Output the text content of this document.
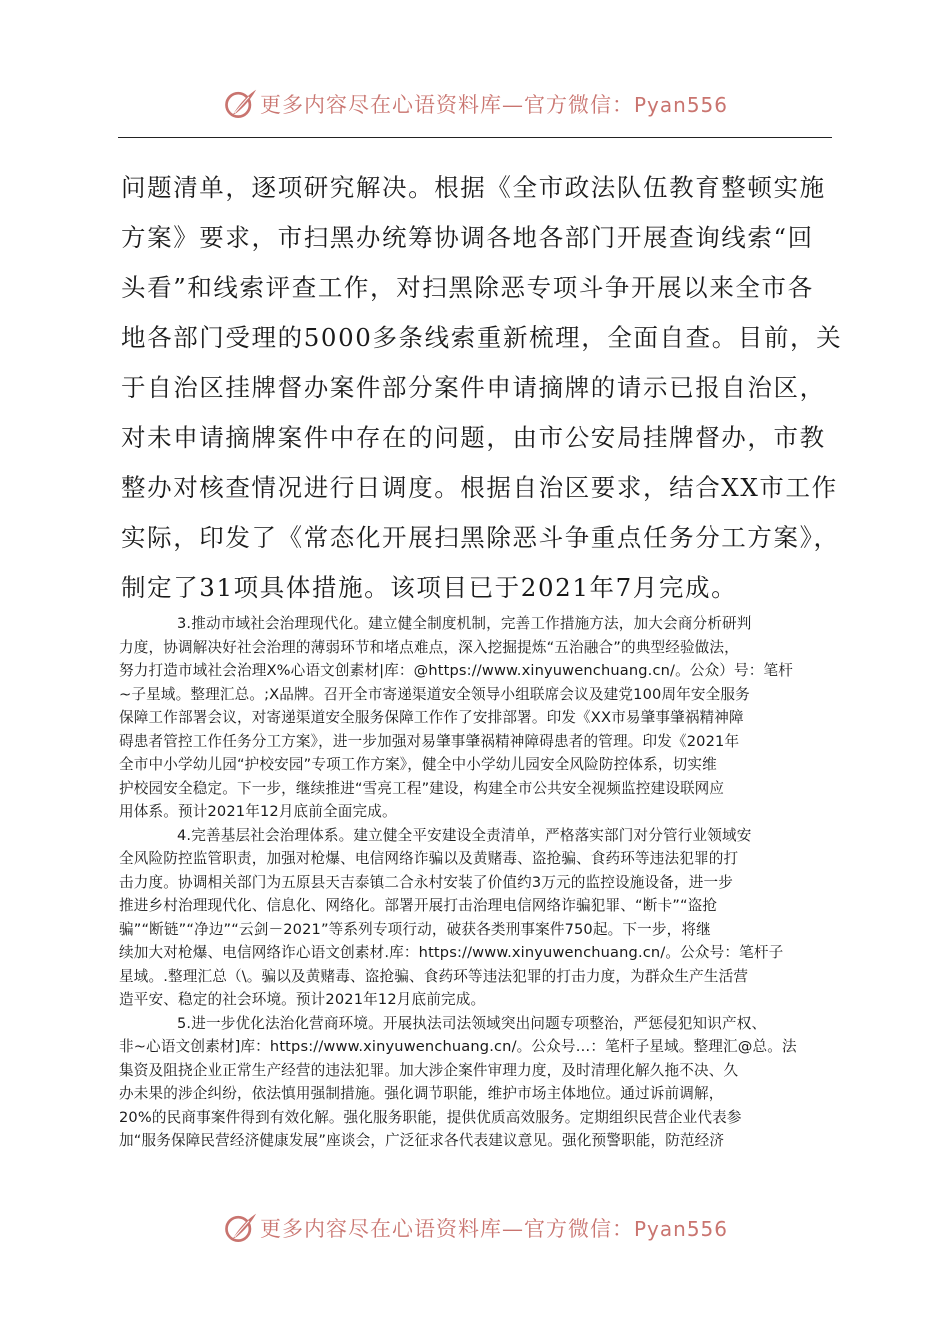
更多内容尽在心语资料库—官方微信：Pyan556
问题清单，逐项研究解决。根据《全市政法队伍教育整顿实施
方案》要求，市扫黑办统筹协调各地各部门开展查询线索“回
头看”和线索评查工作，对扫黑除恶专项斗争开展以来全市各
地各部门受理的5000多条线索重新梳理，全面自查。目前，关
于自治区挂牌督办案件部分案件申请摘牌的请示已报自治区，
对未申请摘牌案件中存在的问题，由市公安局挂牌督办，市教
整办对核查情况进行日调度。根据自治区要求，结合XX市工作
实际，印发了《常态化开展扫黑除恶斗争重点任务分工方案》，
制定了31项具体措施。该项目已于2021年7月完成。
3.推动市域社会治理现代化。建立健全制度机制，完善工作措施方法，加大会商分析研判
力度，协调解决好社会治理的薄弱环节和堵点难点，深入挖掘提炼“五治融合”的典型经验做法，
努力打造市域社会治理X%心语文创素材|库：@https://www.xinyuwenchuang.cn/。公众）号：笔杆
~子星域。整理汇总。;X品牌。召开全市寄递渠道安全领导小组联席会议及建党100周年安全服务
保障工作部署会议，对寄递渠道安全服务保障工作作了安排部署。印发《XX市易肇事肇祸精神障
碍患者管控工作任务分工方案》，进一步加强对易肇事肇祸精神障碍患者的管理。印发《2021年
全市中小学幼儿园“护校安园”专项工作方案》，健全中小学幼儿园安全风险防控体系，切实维
护校园安全稳定。下一步，继续推进“雪亮工程”建设，构建全市公共安全视频监控建设联网应
用体系。预计2021年12月底前全面完成。
4.完善基层社会治理体系。建立健全平安建设全责清单，严格落实部门对分管行业领域安
全风险防控监管职责，加强对枪爆、电信网络诈骗以及黄赌毒、盗抢骗、食药环等违法犯罪的打
击力度。协调相关部门为五原县天吉泰镇二合永村安装了价值约3万元的监控设施设备，进一步
推进乡村治理现代化、信息化、网络化。部署开展打击治理电信网络诈骗犯罪、“断卡”“盗抢
骗”“断链”“净边”“云剑－2021”等系列专项行动，破获各类刑事案件750起。下一步，将继
续加大对枪爆、电信网络诈心语文创素材.库：https://www.xinyuwenchuang.cn/。公众号：笔杆子
星域。.整理汇总（\。骗以及黄赌毒、盗抢骗、食药环等违法犯罪的打击力度，为群众生产生活营
造平安、稳定的社会环境。预计2021年12月底前完成。
5.进一步优化法治化营商环境。开展执法司法领域突出问题专项整治，严惩侵犯知识产权、
非~心语文创素材]库：https://www.xinyuwenchuang.cn/。公众号…：笔杆子星域。整理汇@总。法
集资及阻挠企业正常生产经营的违法犯罪。加大涉企案件审理力度，及时清理化解久拖不决、久
办未果的涉企纠纷，依法慎用强制措施。强化调节职能，维护市场主体地位。通过诉前调解，
20%的民商事案件得到有效化解。强化服务职能，提供优质高效服务。定期组织民营企业代表参
加“服务保障民营经济健康发展”座谈会，广泛征求各代表建议意见。强化预警职能，防范经济
更多内容尽在心语资料库—官方微信：Pyan556
